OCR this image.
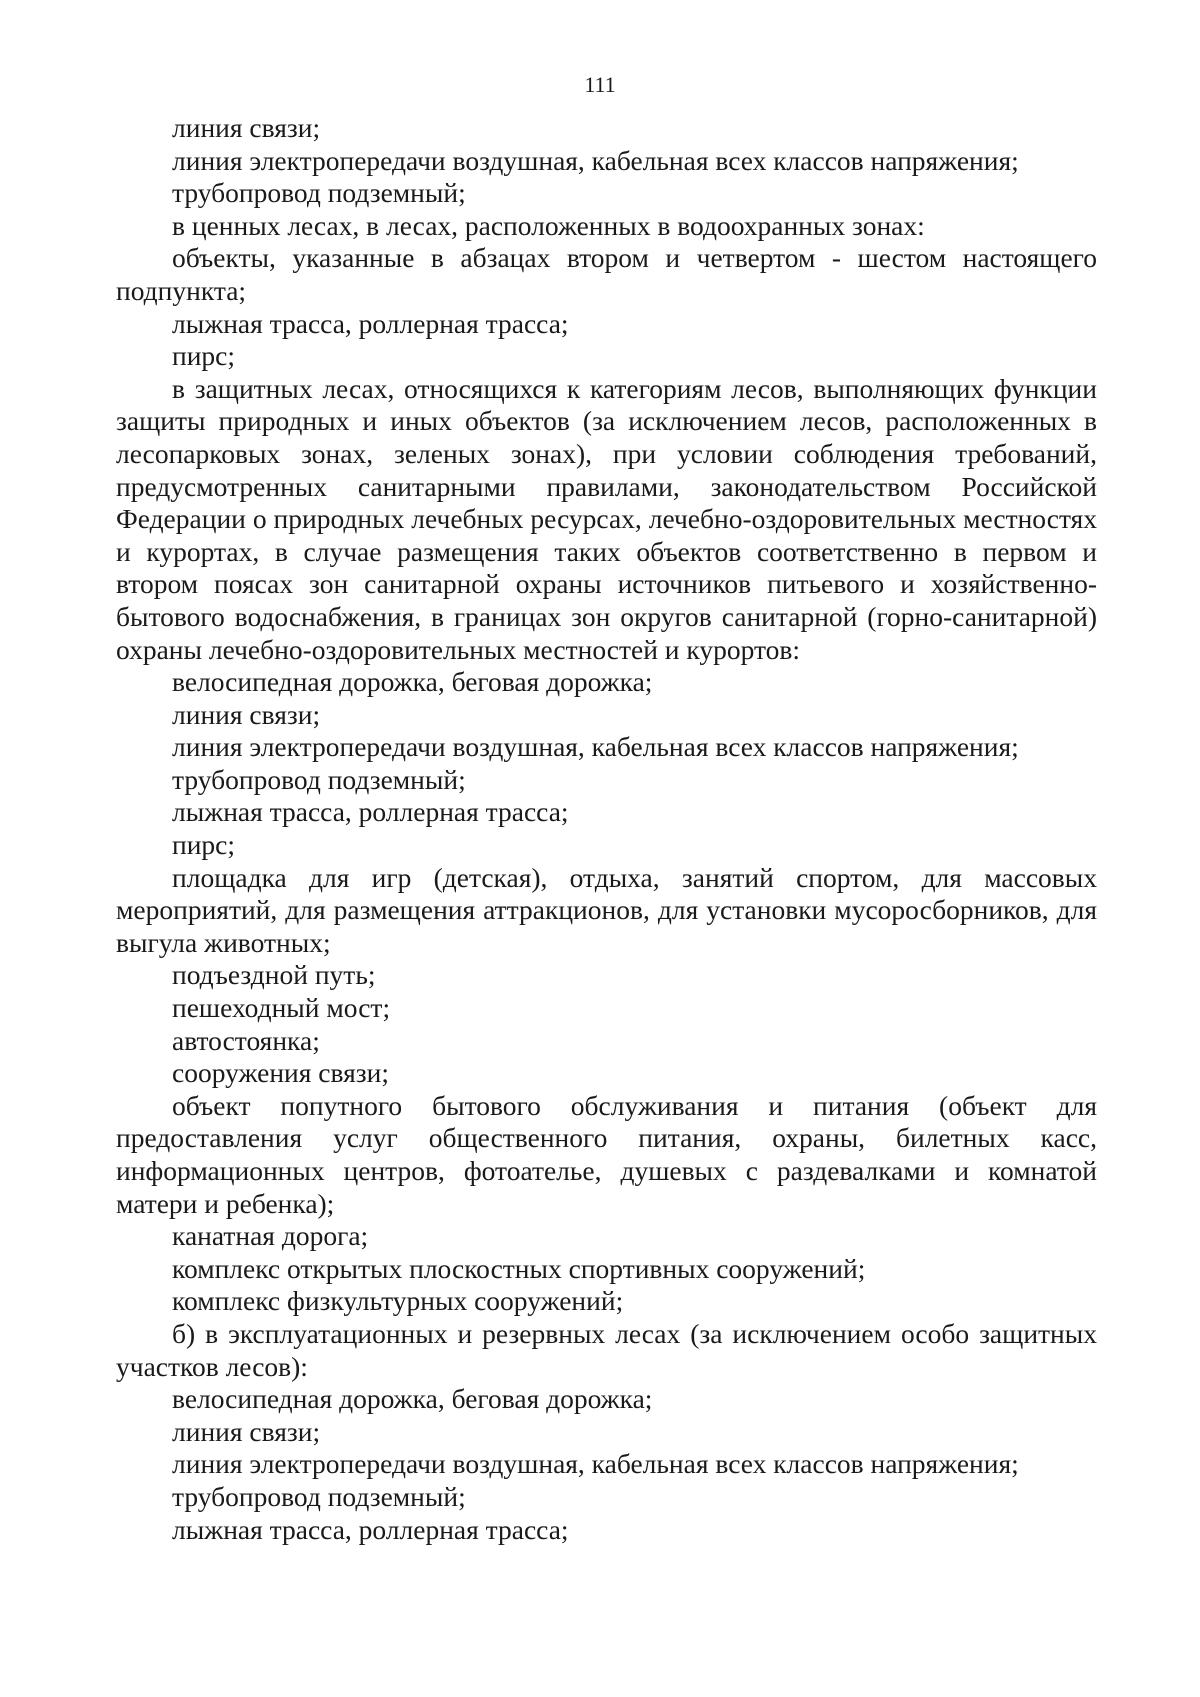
111

линия связи;

линия электропередачи воздушная, кабельная всех классов напряжения;

трубопровод подземный;

в ценных лесах, в лесах, расположенных в водоохранных зонах:

объекты, указанные в абзацах втором и четвертом - шестом настоящего подпункта;

лыжная трасса, роллерная трасса;

пирс;

в защитных лесах, относящихся к категориям лесов, выполняющих функции защиты природных и иных объектов (за исключением лесов, расположенных в лесопарковых зонах, зеленых зонах), при условии соблюдения требований, предусмотренных санитарными правилами, законодательством Российской Федерации о природных лечебных ресурсах, лечебно-оздоровительных местностях и курортах, в случае размещения таких объектов соответственно в первом и втором поясах зон санитарной охраны источников питьевого и хозяйственно-бытового водоснабжения, в границах зон округов санитарной (горно-санитарной) охраны лечебно-оздоровительных местностей и курортов:

велосипедная дорожка, беговая дорожка;

линия связи;

линия электропередачи воздушная, кабельная всех классов напряжения;

трубопровод подземный;

лыжная трасса, роллерная трасса;

пирс;

площадка для игр (детская), отдыха, занятий спортом, для массовых мероприятий, для размещения аттракционов, для установки мусоросборников, для выгула животных;

подъездной путь;

пешеходный мост;

автостоянка;

сооружения связи;

объект попутного бытового обслуживания и питания (объект для предоставления услуг общественного питания, охраны, билетных касс, информационных центров, фотоателье, душевых с раздевалками и комнатой матери и ребенка);

канатная дорога;

комплекс открытых плоскостных спортивных сооружений;

комплекс физкультурных сооружений;

б) в эксплуатационных и резервных лесах (за исключением особо защитных участков лесов):

велосипедная дорожка, беговая дорожка;

линия связи;

линия электропередачи воздушная, кабельная всех классов напряжения;

трубопровод подземный;

лыжная трасса, роллерная трасса;
